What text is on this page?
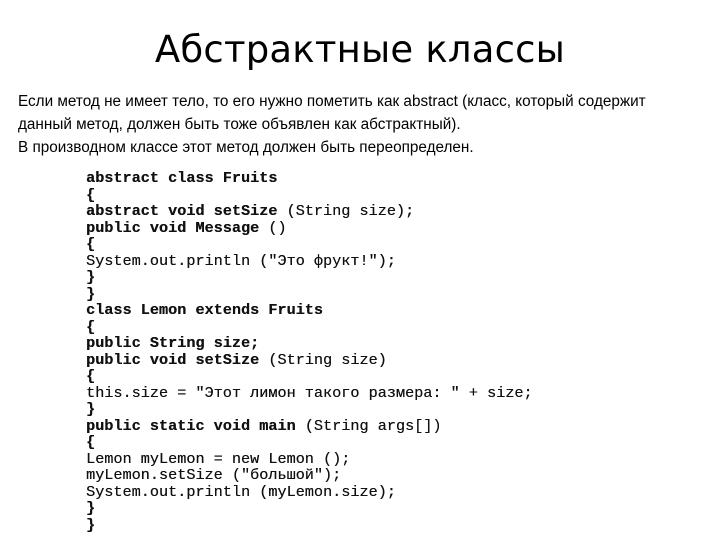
Абстрактные классы
Если метод не имеет тело, то его нужно пометить как abstract (класс, который содержит
данный метод, должен быть тоже объявлен как абстрактный).
В производном классе этот метод должен быть переопределен.
abstract class Fruits
{
abstract void setSize (String size);
public void Message ()
{
System.out.println ("Это фрукт!");
}
}
class Lemon extends Fruits
{
public String size;
public void setSize (String size)
{
this.size = "Этот лимон такого размера: " + size;
}
public static void main (String args[])
{
Lemon myLemon = new Lemon ();
myLemon.setSize ("большой");
System.out.println (myLemon.size);
}
}
